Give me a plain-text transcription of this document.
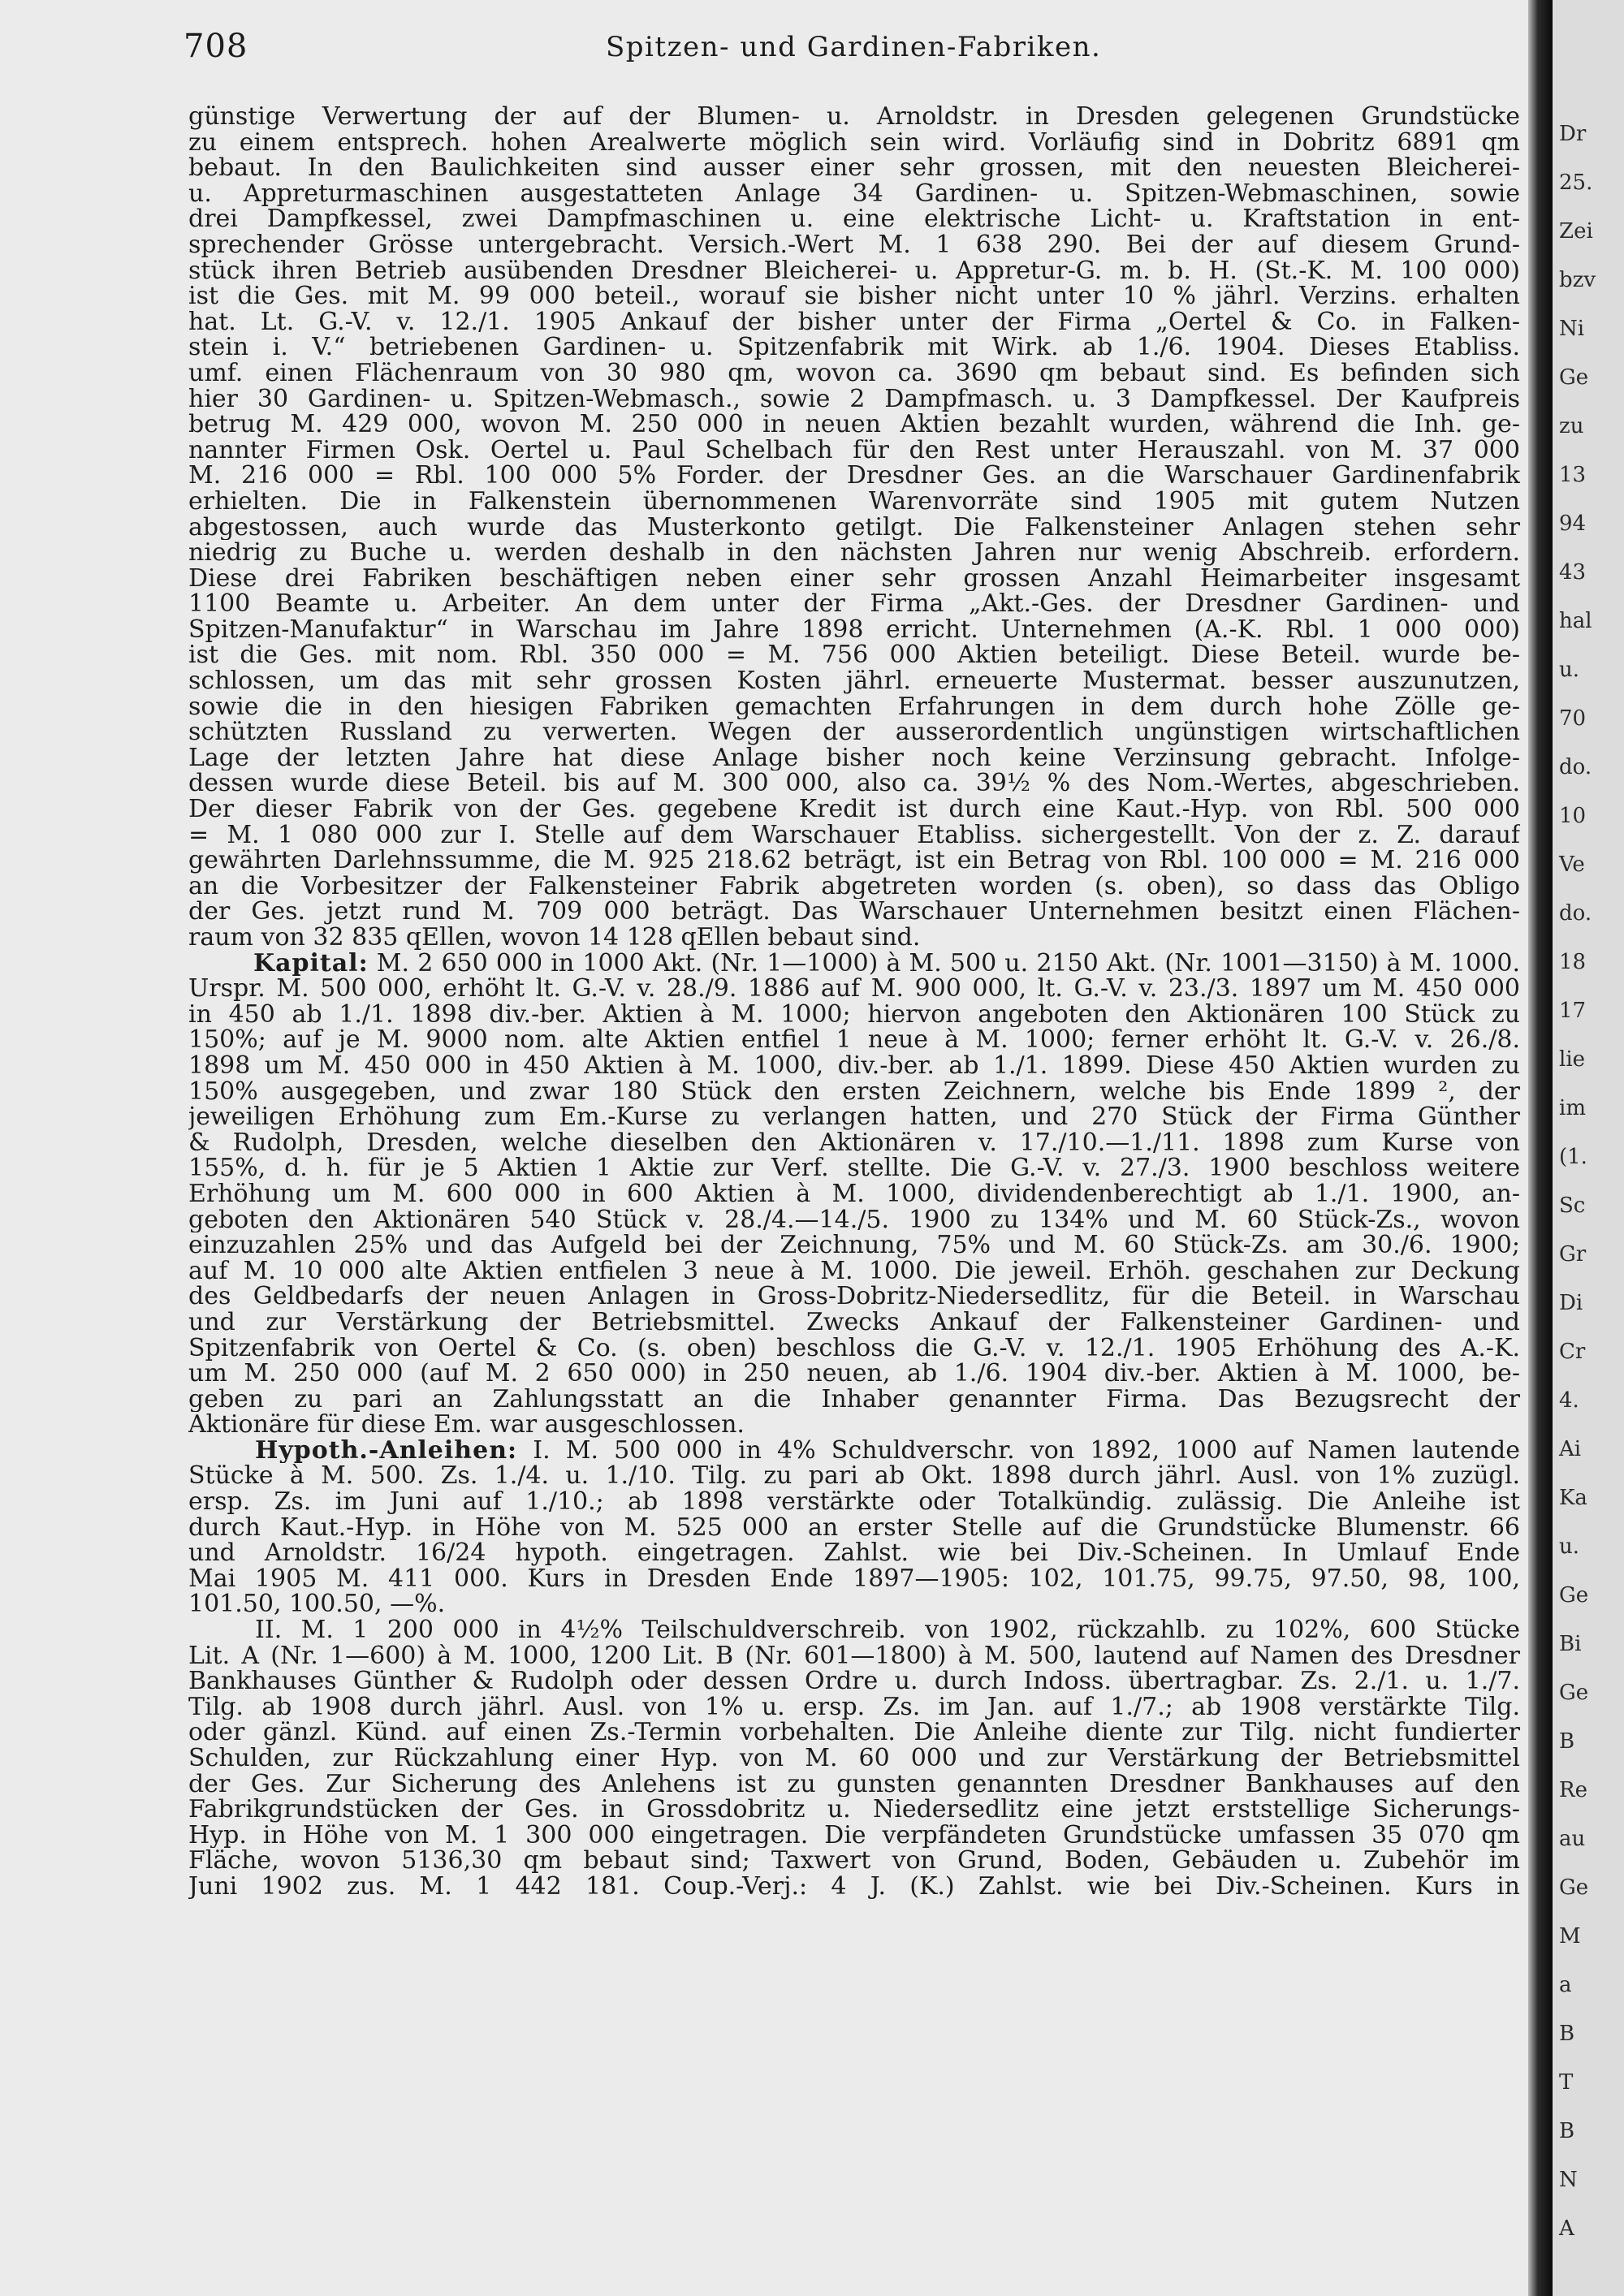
708	Spitzen- und Gardinen-Fabriken.
günstige Verwertung der auf der Blumen- u. Arnoldstr. in Dresden gelegenen Grundstücke
zu einem entsprech. hohen Arealwerte möglich sein wird. Vorläufig sind in Dobritz 6891 qm
bebaut. In den Baulichkeiten sind ausser einer sehr grossen, mit den neuesten Bleicherei-
u. Appreturmaschinen ausgestatteten Anlage 34 Gardinen- u. Spitzen-Webmaschinen, sowie
drei Dampfkessel, zwei Dampfmaschinen u. eine elektrische Licht- u. Kraftstation in ent-
sprechender Grösse untergebracht. Versich.-Wert M. 1 638 290. Bei der auf diesem Grund-
stück ihren Betrieb ausübenden Dresdner Bleicherei- u. Appretur-G. m. b. H. (St.-K. M. 100 000)
ist die Ges. mit M. 99 000 beteil., worauf sie bisher nicht unter 10 % jährl. Verzins. erhalten
hat. Lt. G.-V. v. 12./1. 1905 Ankauf der bisher unter der Firma „Oertel & Co. in Falken-
stein i. V.“ betriebenen Gardinen- u. Spitzenfabrik mit Wirk. ab 1./6. 1904. Dieses Etabliss.
umf. einen Flächenraum von 30 980 qm, wovon ca. 3690 qm bebaut sind. Es befinden sich
hier 30 Gardinen- u. Spitzen-Webmasch., sowie 2 Dampfmasch. u. 3 Dampfkessel. Der Kaufpreis
betrug M. 429 000, wovon M. 250 000 in neuen Aktien bezahlt wurden, während die Inh. ge-
nannter Firmen Osk. Oertel u. Paul Schelbach für den Rest unter Herauszahl. von M. 37 000
M. 216 000 = Rbl. 100 000 5% Forder. der Dresdner Ges. an die Warschauer Gardinenfabrik
erhielten. Die in Falkenstein übernommenen Warenvorräte sind 1905 mit gutem Nutzen
abgestossen, auch wurde das Musterkonto getilgt. Die Falkensteiner Anlagen stehen sehr
niedrig zu Buche u. werden deshalb in den nächsten Jahren nur wenig Abschreib. erfordern.
Diese drei Fabriken beschäftigen neben einer sehr grossen Anzahl Heimarbeiter insgesamt
1100 Beamte u. Arbeiter. An dem unter der Firma „Akt.-Ges. der Dresdner Gardinen- und
Spitzen-Manufaktur“ in Warschau im Jahre 1898 erricht. Unternehmen (A.-K. Rbl. 1 000 000)
ist die Ges. mit nom. Rbl. 350 000 = M. 756 000 Aktien beteiligt. Diese Beteil. wurde be-
schlossen, um das mit sehr grossen Kosten jährl. erneuerte Mustermat. besser auszunutzen,
sowie die in den hiesigen Fabriken gemachten Erfahrungen in dem durch hohe Zölle ge-
schützten Russland zu verwerten. Wegen der ausserordentlich ungünstigen wirtschaftlichen
Lage der letzten Jahre hat diese Anlage bisher noch keine Verzinsung gebracht. Infolge-
dessen wurde diese Beteil. bis auf M. 300 000, also ca. 39½ % des Nom.-Wertes, abgeschrieben.
Der dieser Fabrik von der Ges. gegebene Kredit ist durch eine Kaut.-Hyp. von Rbl. 500 000
= M. 1 080 000 zur I. Stelle auf dem Warschauer Etabliss. sichergestellt. Von der z. Z. darauf
gewährten Darlehnssumme, die M. 925 218.62 beträgt, ist ein Betrag von Rbl. 100 000 = M. 216 000
an die Vorbesitzer der Falkensteiner Fabrik abgetreten worden (s. oben), so dass das Obligo
der Ges. jetzt rund M. 709 000 beträgt. Das Warschauer Unternehmen besitzt einen Flächen-
raum von 32 835 qEllen, wovon 14 128 qEllen bebaut sind.
Kapital: M. 2 650 000 in 1000 Akt. (Nr. 1—1000) à M. 500 u. 2150 Akt. (Nr. 1001—3150) à M. 1000.
Urspr. M. 500 000, erhöht lt. G.-V. v. 28./9. 1886 auf M. 900 000, lt. G.-V. v. 23./3. 1897 um M. 450 000
in 450 ab 1./1. 1898 div.-ber. Aktien à M. 1000; hiervon angeboten den Aktionären 100 Stück zu
150%; auf je M. 9000 nom. alte Aktien entfiel 1 neue à M. 1000; ferner erhöht lt. G.-V. v. 26./8.
1898 um M. 450 000 in 450 Aktien à M. 1000, div.-ber. ab 1./1. 1899. Diese 450 Aktien wurden zu
150% ausgegeben, und zwar 180 Stück den ersten Zeichnern, welche bis Ende 1899 ², der
jeweiligen Erhöhung zum Em.-Kurse zu verlangen hatten, und 270 Stück der Firma Günther
& Rudolph, Dresden, welche dieselben den Aktionären v. 17./10.—1./11. 1898 zum Kurse von
155%, d. h. für je 5 Aktien 1 Aktie zur Verf. stellte. Die G.-V. v. 27./3. 1900 beschloss weitere
Erhöhung um M. 600 000 in 600 Aktien à M. 1000, dividendenberechtigt ab 1./1. 1900, an-
geboten den Aktionären 540 Stück v. 28./4.—14./5. 1900 zu 134% und M. 60 Stück-Zs., wovon
einzuzahlen 25% und das Aufgeld bei der Zeichnung, 75% und M. 60 Stück-Zs. am 30./6. 1900;
auf M. 10 000 alte Aktien entfielen 3 neue à M. 1000. Die jeweil. Erhöh. geschahen zur Deckung
des Geldbedarfs der neuen Anlagen in Gross-Dobritz-Niedersedlitz, für die Beteil. in Warschau
und zur Verstärkung der Betriebsmittel. Zwecks Ankauf der Falkensteiner Gardinen- und
Spitzenfabrik von Oertel & Co. (s. oben) beschloss die G.-V. v. 12./1. 1905 Erhöhung des A.-K.
um M. 250 000 (auf M. 2 650 000) in 250 neuen, ab 1./6. 1904 div.-ber. Aktien à M. 1000, be-
geben zu pari an Zahlungsstatt an die Inhaber genannter Firma. Das Bezugsrecht der
Aktionäre für diese Em. war ausgeschlossen.
Hypoth.-Anleihen: I. M. 500 000 in 4% Schuldverschr. von 1892, 1000 auf Namen lautende
Stücke à M. 500. Zs. 1./4. u. 1./10. Tilg. zu pari ab Okt. 1898 durch jährl. Ausl. von 1% zuzügl.
ersp. Zs. im Juni auf 1./10.; ab 1898 verstärkte oder Totalkündig. zulässig. Die Anleihe ist
durch Kaut.-Hyp. in Höhe von M. 525 000 an erster Stelle auf die Grundstücke Blumenstr. 66
und Arnoldstr. 16/24 hypoth. eingetragen. Zahlst. wie bei Div.-Scheinen. In Umlauf Ende
Mai 1905 M. 411 000. Kurs in Dresden Ende 1897—1905: 102, 101.75, 99.75, 97.50, 98, 100,
101.50, 100.50, —%.
II. M. 1 200 000 in 4½% Teilschuldverschreib. von 1902, rückzahlb. zu 102%, 600 Stücke
Lit. A (Nr. 1—600) à M. 1000, 1200 Lit. B (Nr. 601—1800) à M. 500, lautend auf Namen des Dresdner
Bankhauses Günther & Rudolph oder dessen Ordre u. durch Indoss. übertragbar. Zs. 2./1. u. 1./7.
Tilg. ab 1908 durch jährl. Ausl. von 1% u. ersp. Zs. im Jan. auf 1./7.; ab 1908 verstärkte Tilg.
oder gänzl. Künd. auf einen Zs.-Termin vorbehalten. Die Anleihe diente zur Tilg. nicht fundierter
Schulden, zur Rückzahlung einer Hyp. von M. 60 000 und zur Verstärkung der Betriebsmittel
der Ges. Zur Sicherung des Anlehens ist zu gunsten genannten Dresdner Bankhauses auf den
Fabrikgrundstücken der Ges. in Grossdobritz u. Niedersedlitz eine jetzt erststellige Sicherungs-
Hyp. in Höhe von M. 1 300 000 eingetragen. Die verpfändeten Grundstücke umfassen 35 070 qm
Fläche, wovon 5136,30 qm bebaut sind; Taxwert von Grund, Boden, Gebäuden u. Zubehör im
Juni 1902 zus. M. 1 442 181. Coup.-Verj.: 4 J. (K.) Zahlst. wie bei Div.-Scheinen. Kurs in
Dr
25.
Zei
bzv
Ni
Ge
zu
13
94
43
hal
u.
70
do.
10
Ve
do.
18
17
lie
im
(1.
Sc
Gr
Di
Cr
4.
Ai
Ka
u.
Ge
Bi
Ge
B
Re
au
Ge
M
a
B
T
B
N
A
